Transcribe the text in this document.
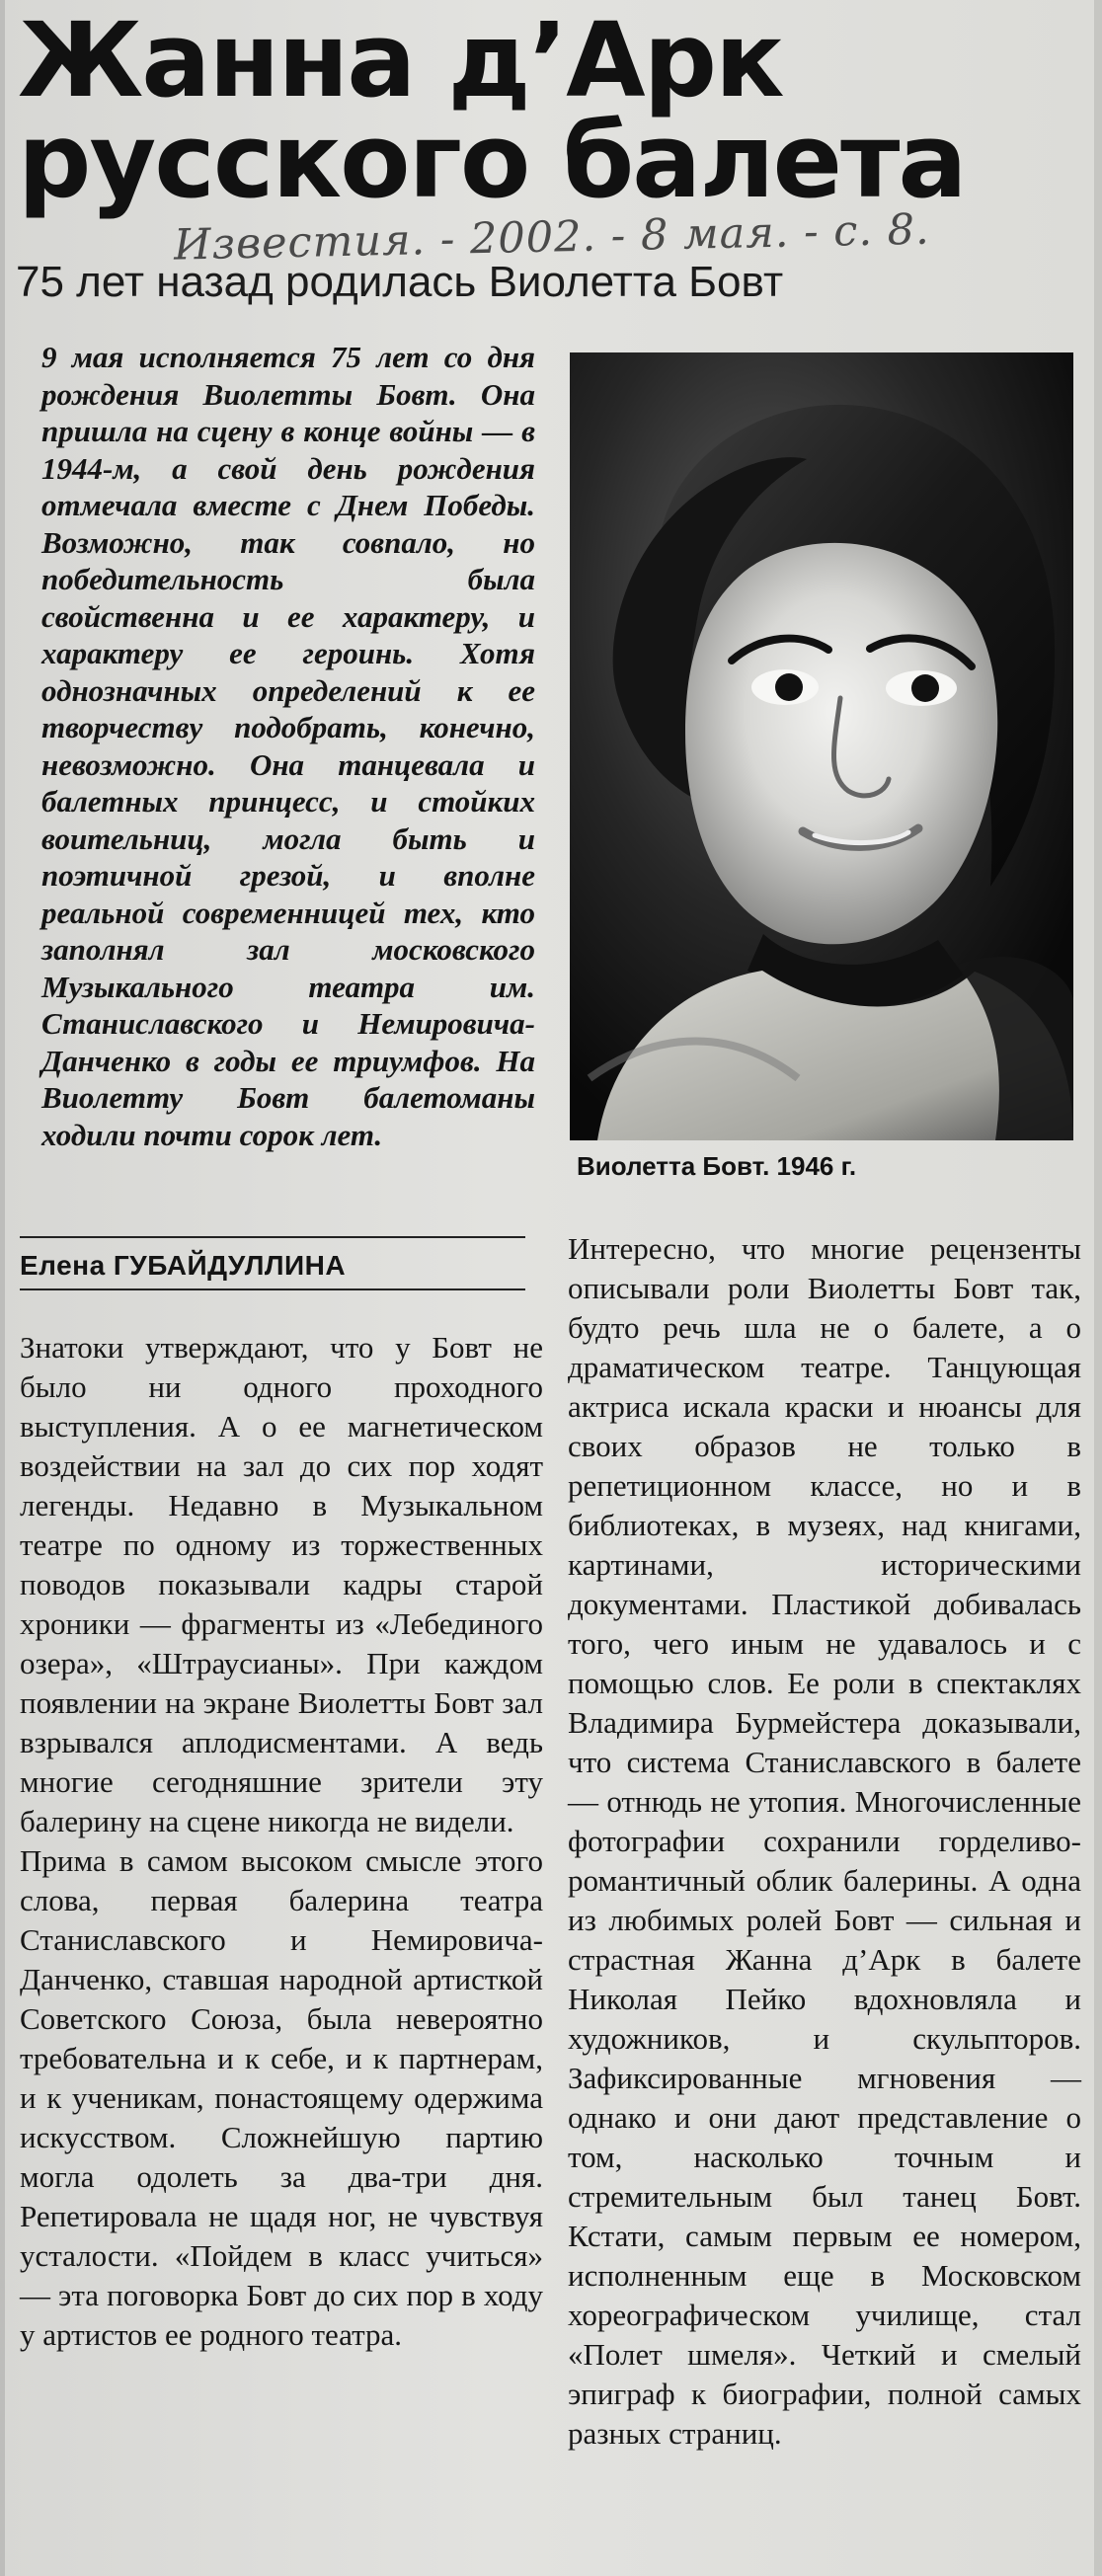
Жанна д’Арк
русского балета
Известия. - 2002. - 8 мая. - с. 8.
75 лет назад родилась Виолетта Бовт

9 мая исполняется 75 лет со дня рождения Виолетты Бовт. Она пришла на сцену в конце войны — в 1944-м, а свой день рождения отмечала вместе с Днем Победы. Возможно, так совпало, но победительность была свойственна и ее характеру, и характеру ее героинь. Хотя однозначных определений к ее творчеству подобрать, конечно, невозможно. Она танцевала и балетных принцесс, и стойких воительниц, могла быть и поэтичной грезой, и вполне реальной современницей тех, кто заполнял зал московского Музыкального театра им. Станиславского и Немировича-Данченко в годы ее триумфов. На Виолетту Бовт балетоманы ходили почти сорок лет.

Виолетта Бовт. 1946 г.
Елена ГУБАЙДУЛЛИНА

Знатоки утверждают, что у Бовт не было ни одного проходного выступления. А о ее магнетическом воздействии на зал до сих пор ходят легенды. Недавно в Музыкальном театре по одному из торжественных поводов показывали кадры старой хроники — фрагменты из «Лебединого озера», «Штраусианы». При каждом появлении на экране Виолетты Бовт зал взрывался аплодисментами. А ведь многие сегодняшние зрители эту балерину на сцене никогда не видели.

Прима в самом высоком смысле этого слова, первая балерина театра Станиславского и Немировича-Данченко, ставшая народной артисткой Советского Союза, была невероятно требовательна и к себе, и к партнерам, и к ученикам, понастоящему одержима искусством. Сложнейшую партию могла одолеть за два-три дня. Репетировала не щадя ног, не чувствуя усталости. «Пойдем в класс учиться» — эта поговорка Бовт до сих пор в ходу у артистов ее родного театра.

Интересно, что многие рецензенты описывали роли Виолетты Бовт так, будто речь шла не о балете, а о драматическом театре. Танцующая актриса искала краски и нюансы для своих образов не только в репетиционном классе, но и в библиотеках, в музеях, над книгами, картинами, историческими документами. Пластикой добивалась того, чего иным не удавалось и с помощью слов. Ее роли в спектаклях Владимира Бурмейстера доказывали, что система Станиславского в балете — отнюдь не утопия. Многочисленные фотографии сохранили горделиво-романтичный облик балерины. А одна из любимых ролей Бовт — сильная и страстная Жанна д’Арк в балете Николая Пейко вдохновляла и художников, и скульпторов. Зафиксированные мгновения — однако и они дают представление о том, насколько точным и стремительным был танец Бовт. Кстати, самым первым ее номером, исполненным еще в Московском хореографическом училище, стал «Полет шмеля». Четкий и смелый эпиграф к биографии, полной самых разных страниц.
